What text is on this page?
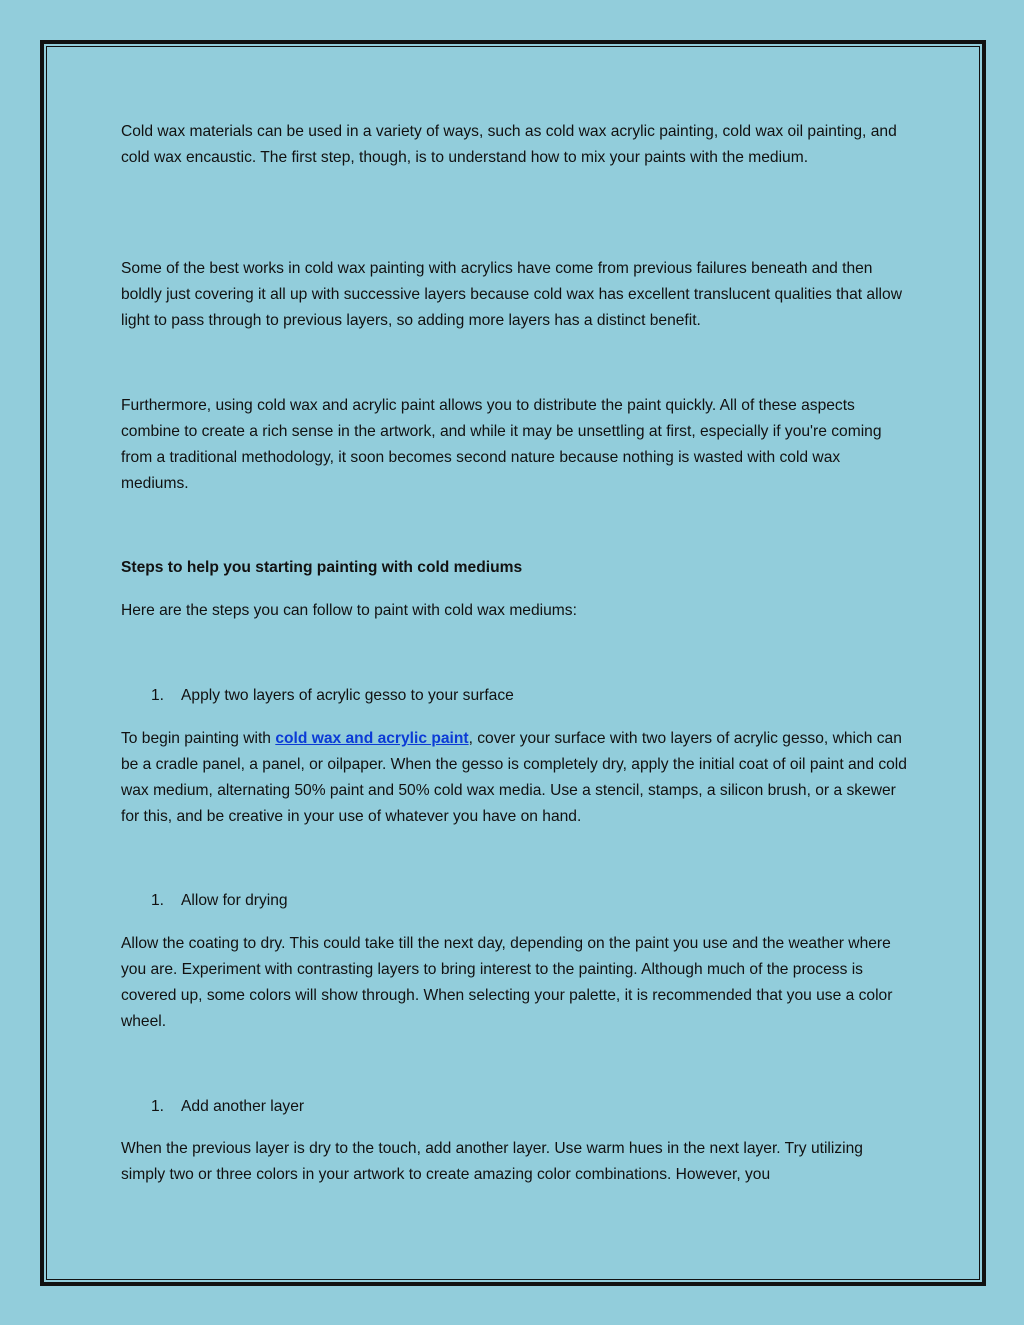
Cold wax materials can be used in a variety of ways, such as cold wax acrylic painting, cold wax oil painting, and cold wax encaustic. The first step, though, is to understand how to mix your paints with the medium.

Some of the best works in cold wax painting with acrylics have come from previous failures beneath and then boldly just covering it all up with successive layers because cold wax has excellent translucent qualities that allow light to pass through to previous layers, so adding more layers has a distinct benefit.

Furthermore, using cold wax and acrylic paint allows you to distribute the paint quickly. All of these aspects combine to create a rich sense in the artwork, and while it may be unsettling at first, especially if you're coming from a traditional methodology, it soon becomes second nature because nothing is wasted with cold wax mediums.

Steps to help you starting painting with cold mediums

Here are the steps you can follow to paint with cold wax mediums:

1. Apply two layers of acrylic gesso to your surface

To begin painting with cold wax and acrylic paint, cover your surface with two layers of acrylic gesso, which can be a cradle panel, a panel, or oilpaper. When the gesso is completely dry, apply the initial coat of oil paint and cold wax medium, alternating 50% paint and 50% cold wax media. Use a stencil, stamps, a silicon brush, or a skewer for this, and be creative in your use of whatever you have on hand.

1. Allow for drying

Allow the coating to dry. This could take till the next day, depending on the paint you use and the weather where you are. Experiment with contrasting layers to bring interest to the painting. Although much of the process is covered up, some colors will show through. When selecting your palette, it is recommended that you use a color wheel.

1. Add another layer

When the previous layer is dry to the touch, add another layer. Use warm hues in the next layer. Try utilizing simply two or three colors in your artwork to create amazing color combinations. However, you
